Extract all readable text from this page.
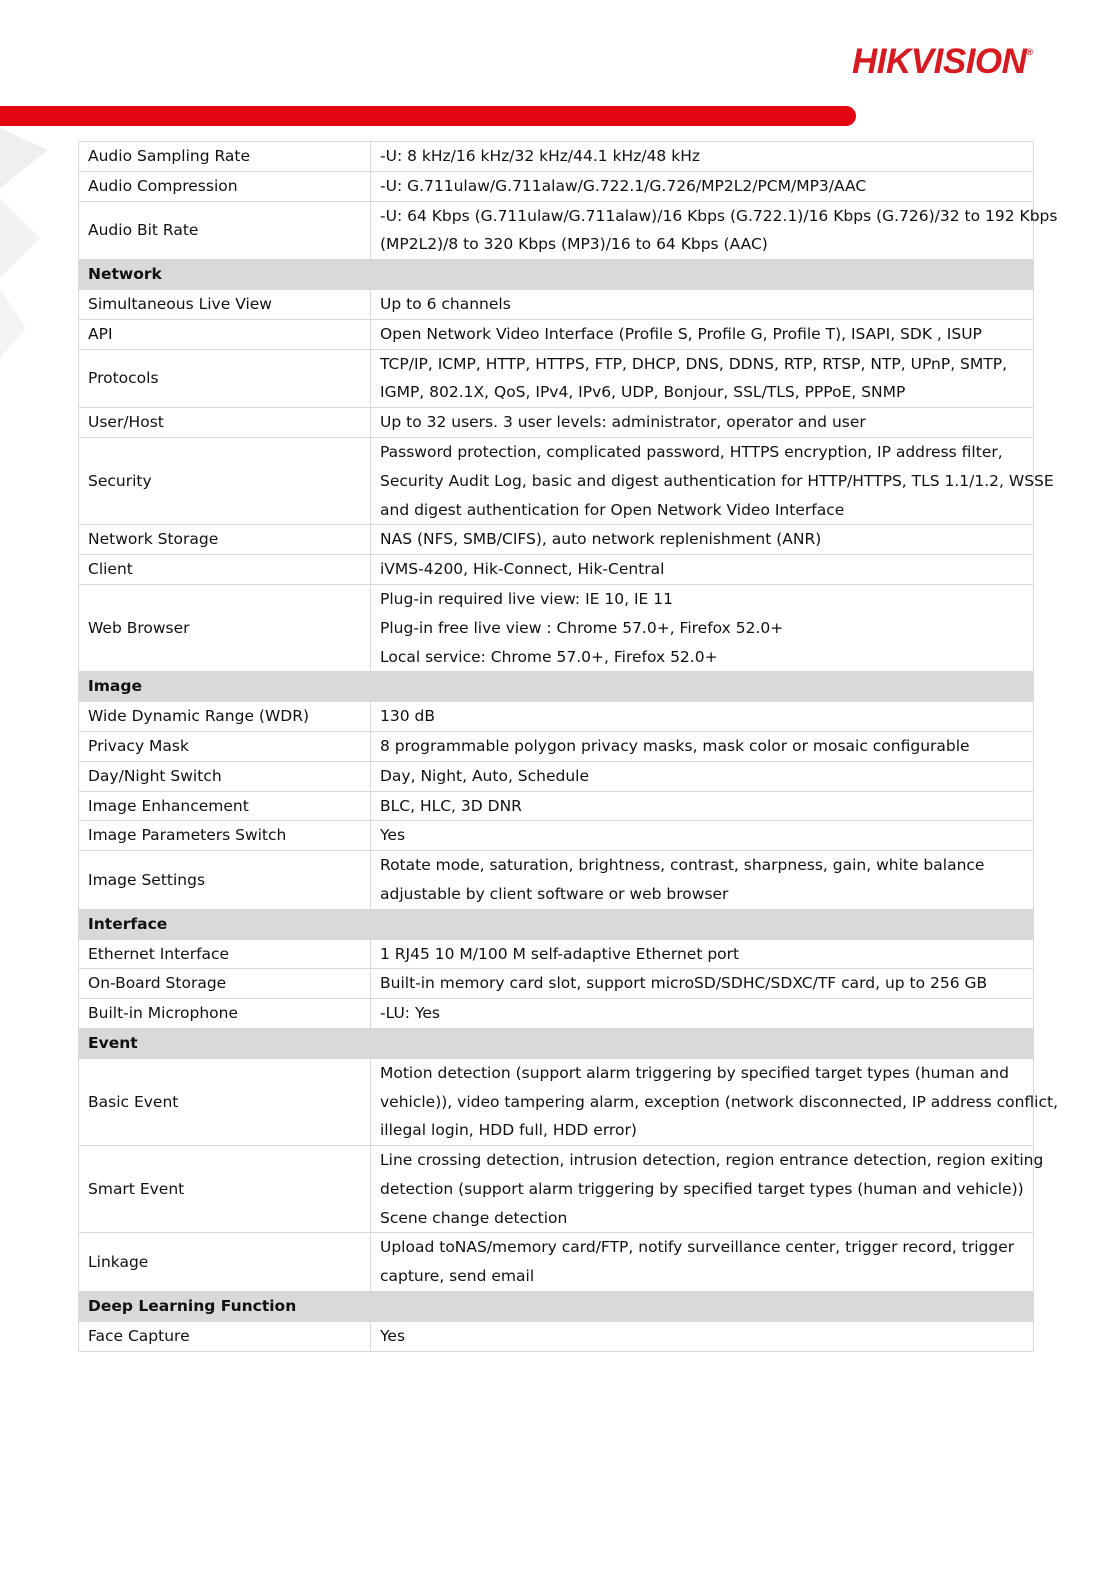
HIKVISION®
Audio Sampling Rate	-U: 8 kHz/16 kHz/32 kHz/44.1 kHz/48 kHz

Audio Compression	-U: G.711ulaw/G.711alaw/G.722.1/G.726/MP2L2/PCM/MP3/AAC

Audio Bit Rate	-U: 64 Kbps (G.711ulaw/G.711alaw)/16 Kbps (G.722.1)/16 Kbps (G.726)/32 to 192 Kbps
(MP2L2)/8 to 320 Kbps (MP3)/16 to 64 Kbps (AAC)

Network	
Simultaneous Live View	Up to 6 channels

API	Open Network Video Interface (Profile S, Profile G, Profile T), ISAPI, SDK , ISUP

Protocols	TCP/IP, ICMP, HTTP, HTTPS, FTP, DHCP, DNS, DDNS, RTP, RTSP, NTP, UPnP, SMTP,
IGMP, 802.1X, QoS, IPv4, IPv6, UDP, Bonjour, SSL/TLS, PPPoE, SNMP

User/Host	Up to 32 users. 3 user levels: administrator, operator and user

Security	Password protection, complicated password, HTTPS encryption, IP address filter,
Security Audit Log, basic and digest authentication for HTTP/HTTPS, TLS 1.1/1.2, WSSE
and digest authentication for Open Network Video Interface

Network Storage	NAS (NFS, SMB/CIFS), auto network replenishment (ANR)

Client	iVMS-4200, Hik-Connect, Hik-Central

Web Browser	Plug-in required live view: IE 10, IE 11
Plug-in free live view : Chrome 57.0+, Firefox 52.0+
Local service: Chrome 57.0+, Firefox 52.0+

Image	
Wide Dynamic Range (WDR)	130 dB

Privacy Mask	8 programmable polygon privacy masks, mask color or mosaic configurable

Day/Night Switch	Day, Night, Auto, Schedule

Image Enhancement	BLC, HLC, 3D DNR

Image Parameters Switch	Yes

Image Settings	Rotate mode, saturation, brightness, contrast, sharpness, gain, white balance
adjustable by client software or web browser

Interface	
Ethernet Interface	1 RJ45 10 M/100 M self-adaptive Ethernet port

On-Board Storage	Built-in memory card slot, support microSD/SDHC/SDXC/TF card, up to 256 GB

Built-in Microphone	-LU: Yes

Event	
Basic Event	Motion detection (support alarm triggering by specified target types (human and
vehicle)), video tampering alarm, exception (network disconnected, IP address conflict,
illegal login, HDD full, HDD error)

Smart Event	Line crossing detection, intrusion detection, region entrance detection, region exiting
detection (support alarm triggering by specified target types (human and vehicle))
Scene change detection

Linkage	Upload toNAS/memory card/FTP, notify surveillance center, trigger record, trigger
capture, send email

Deep Learning Function	
Face Capture	Yes
